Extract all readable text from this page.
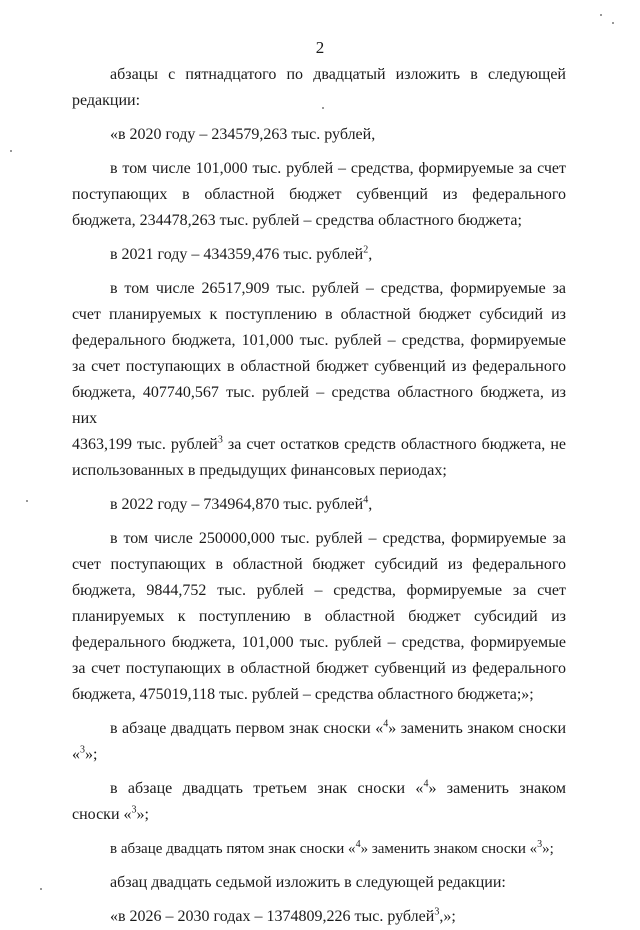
2

абзацы с пятнадцатого по двадцатый изложить в следующей редакции:

«в 2020 году – 234579,263 тыс. рублей,

в том числе 101,000 тыс. рублей – средства, формируемые за счет поступающих в областной бюджет субвенций из федерального бюджета, 234478,263 тыс. рублей – средства областного бюджета;

в 2021 году – 434359,476 тыс. рублей$^2$,

в том числе 26517,909 тыс. рублей – средства, формируемые за счет планируемых к поступлению в областной бюджет субсидий из федерального бюджета, 101,000 тыс. рублей – средства, формируемые за счет поступающих в областной бюджет субвенций из федерального бюджета, 407740,567 тыс. рублей – средства областного бюджета, из них

4363,199 тыс. рублей$^3$ за счет остатков средств областного бюджета, не использованных в предыдущих финансовых периодах;

в 2022 году – 734964,870 тыс. рублей$^4$,

в том числе 250000,000 тыс. рублей – средства, формируемые за счет поступающих в областной бюджет субсидий из федерального бюджета, 9844,752 тыс. рублей – средства, формируемые за счет планируемых к поступлению в областной бюджет субсидий из федерального бюджета, 101,000 тыс. рублей – средства, формируемые за счет поступающих в областной бюджет субвенций из федерального бюджета, 475019,118 тыс. рублей – средства областного бюджета;»;

в абзаце двадцать первом знак сноски «$^4$» заменить знаком сноски «$^3$»;

в абзаце двадцать третьем знак сноски «$^4$» заменить знаком сноски «$^3$»;

в абзаце двадцать пятом знак сноски «$^4$» заменить знаком сноски «$^3$»;

абзац двадцать седьмой изложить в следующей редакции:

«в 2026 – 2030 годах – 1374809,226 тыс. рублей$^3$,»;
